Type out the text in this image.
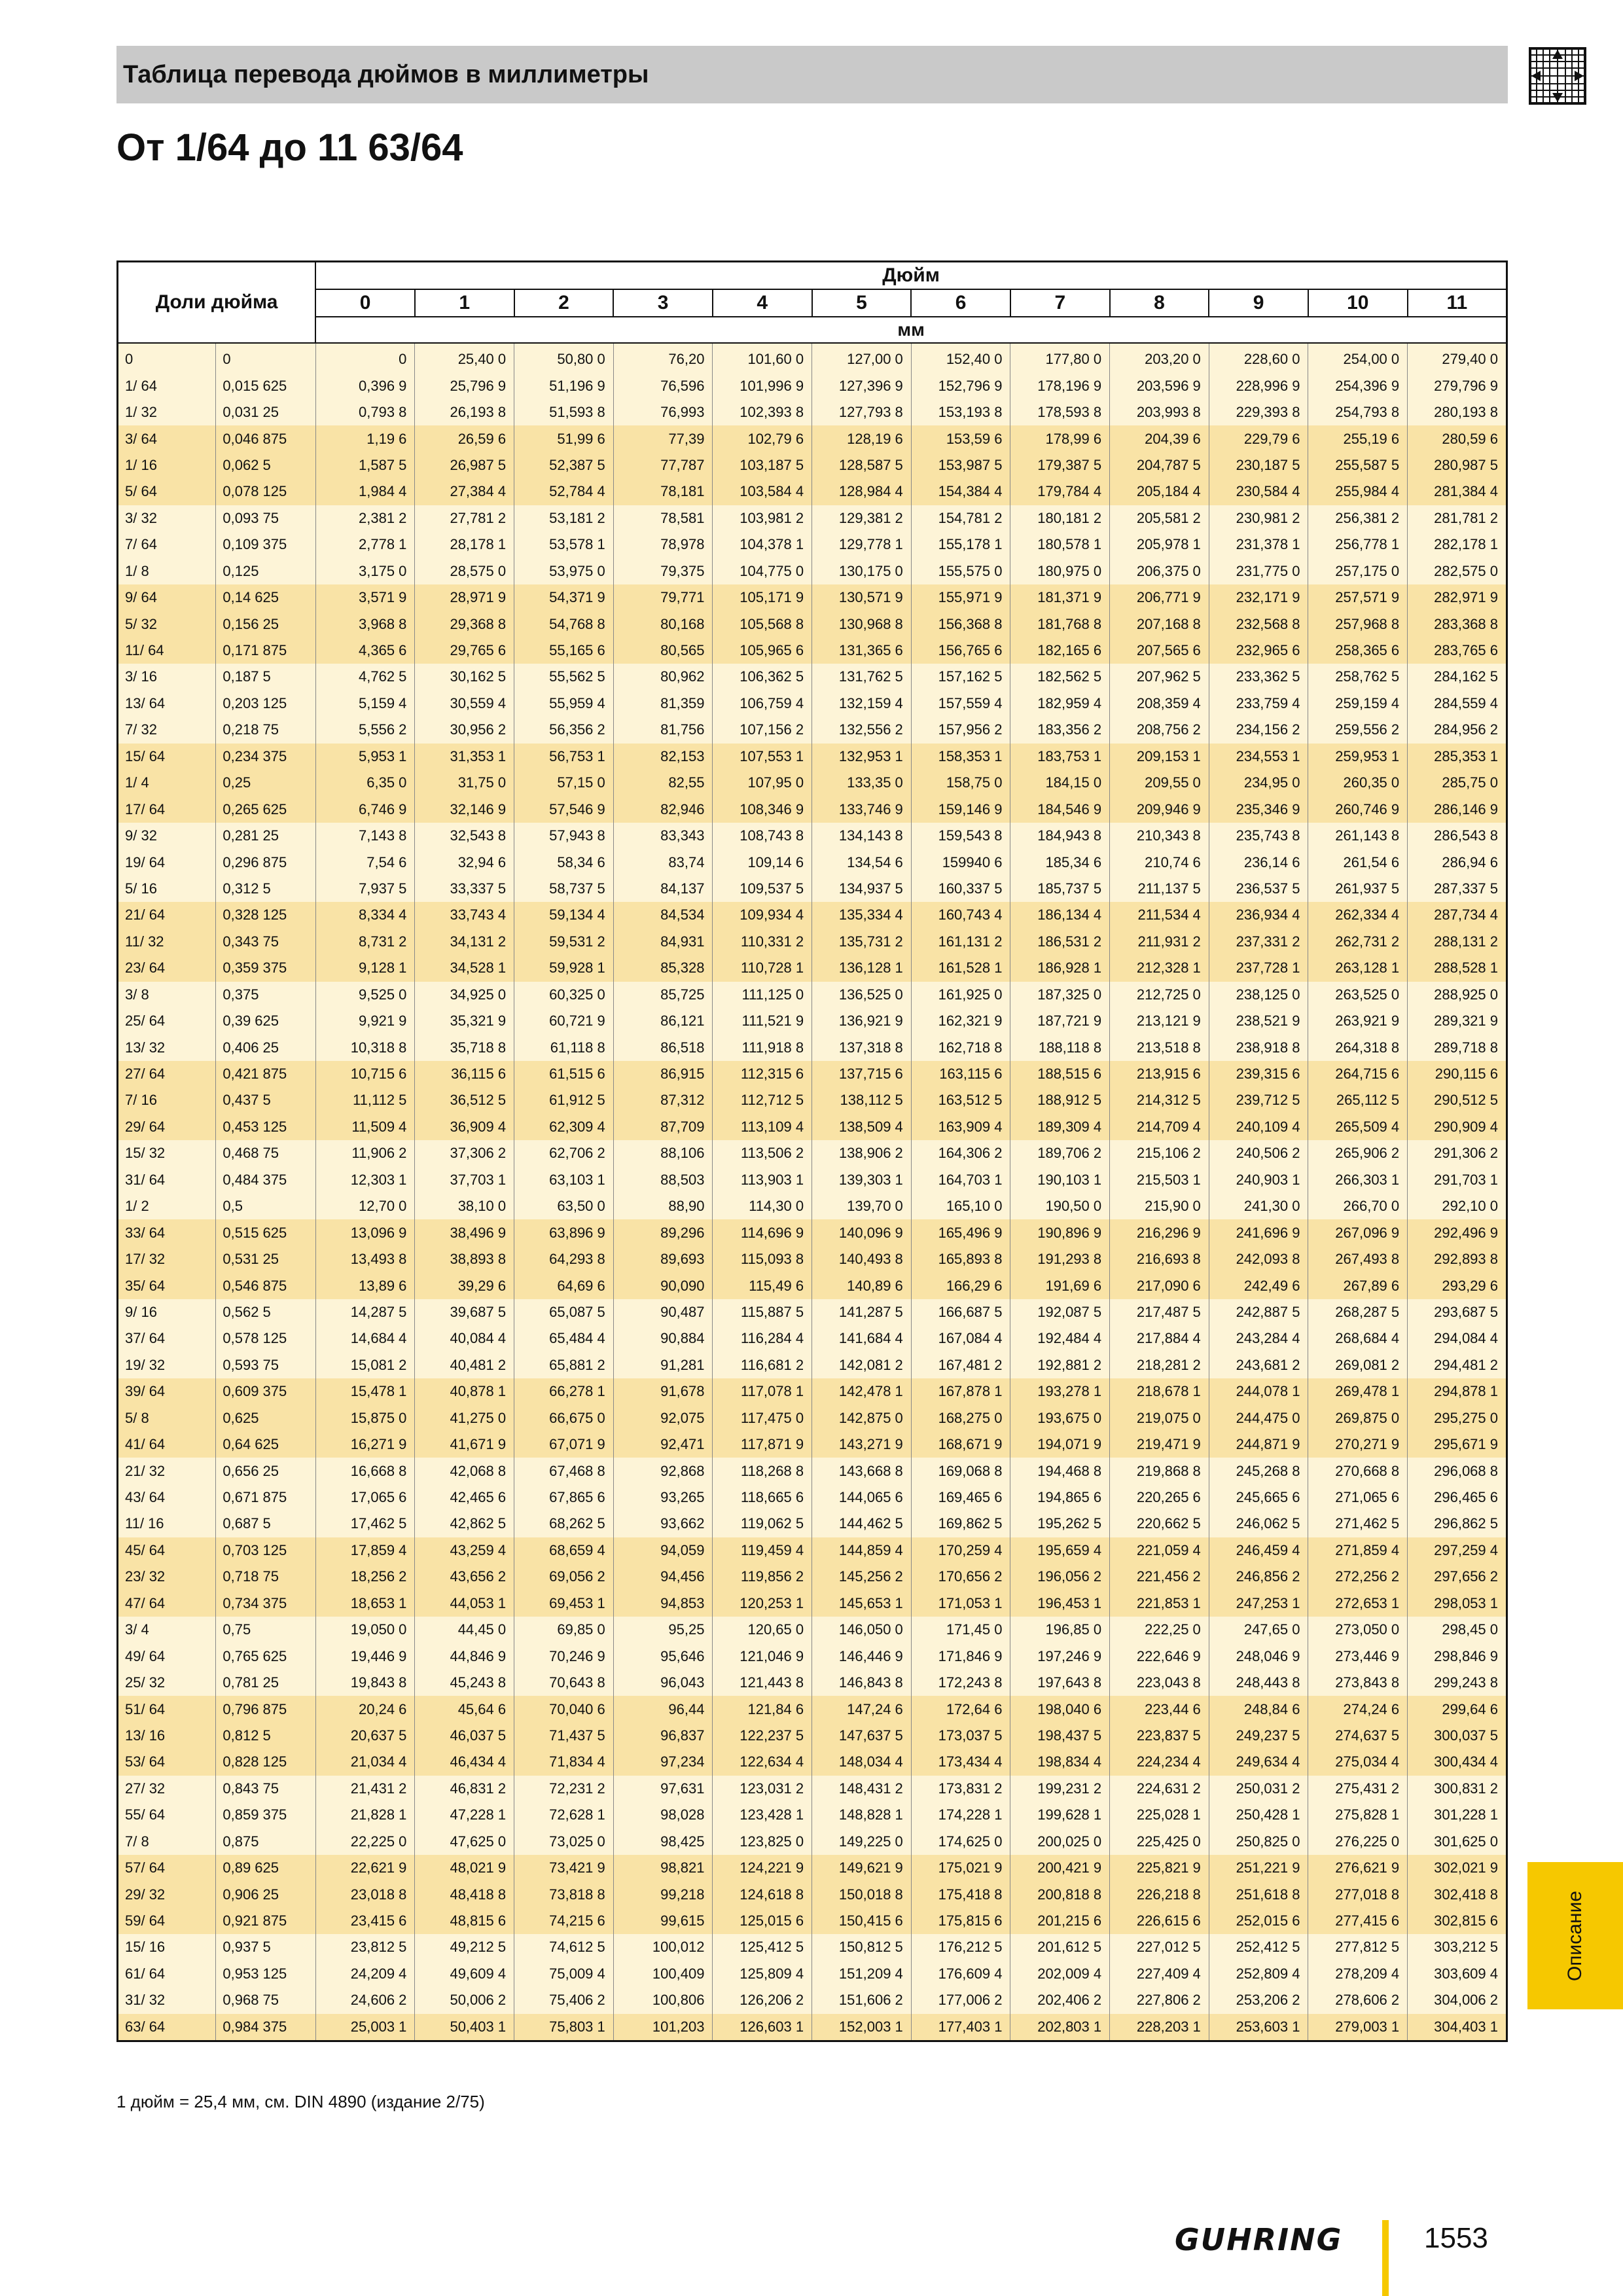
Таблица перевода дюймов в миллиметры
От 1/64 до 11 63/64
Доли дюйма		Дюйм											
		0	1	2	3	4	5	6	7	8	9	10	11
		мм											
0	0	0	25,40 0	50,80 0	76,20	101,60 0	127,00 0	152,40 0	177,80 0	203,20 0	228,60 0	254,00 0	279,40 0
1/ 64	0,015 625	0,396 9	25,796 9	51,196 9	76,596	101,996 9	127,396 9	152,796 9	178,196 9	203,596 9	228,996 9	254,396 9	279,796 9
1/ 32	0,031 25	0,793 8	26,193 8	51,593 8	76,993	102,393 8	127,793 8	153,193 8	178,593 8	203,993 8	229,393 8	254,793 8	280,193 8
3/ 64	0,046 875	1,19 6	26,59 6	51,99 6	77,39	102,79 6	128,19 6	153,59 6	178,99 6	204,39 6	229,79 6	255,19 6	280,59 6
1/ 16	0,062 5	1,587 5	26,987 5	52,387 5	77,787	103,187 5	128,587 5	153,987 5	179,387 5	204,787 5	230,187 5	255,587 5	280,987 5
5/ 64	0,078 125	1,984 4	27,384 4	52,784 4	78,181	103,584 4	128,984 4	154,384 4	179,784 4	205,184 4	230,584 4	255,984 4	281,384 4
3/ 32	0,093 75	2,381 2	27,781 2	53,181 2	78,581	103,981 2	129,381 2	154,781 2	180,181 2	205,581 2	230,981 2	256,381 2	281,781 2
7/ 64	0,109 375	2,778 1	28,178 1	53,578 1	78,978	104,378 1	129,778 1	155,178 1	180,578 1	205,978 1	231,378 1	256,778 1	282,178 1
1/ 8	0,125	3,175 0	28,575 0	53,975 0	79,375	104,775 0	130,175 0	155,575 0	180,975 0	206,375 0	231,775 0	257,175 0	282,575 0
9/ 64	0,14 625	3,571 9	28,971 9	54,371 9	79,771	105,171 9	130,571 9	155,971 9	181,371 9	206,771 9	232,171 9	257,571 9	282,971 9
5/ 32	0,156 25	3,968 8	29,368 8	54,768 8	80,168	105,568 8	130,968 8	156,368 8	181,768 8	207,168 8	232,568 8	257,968 8	283,368 8
11/ 64	0,171 875	4,365 6	29,765 6	55,165 6	80,565	105,965 6	131,365 6	156,765 6	182,165 6	207,565 6	232,965 6	258,365 6	283,765 6
3/ 16	0,187 5	4,762 5	30,162 5	55,562 5	80,962	106,362 5	131,762 5	157,162 5	182,562 5	207,962 5	233,362 5	258,762 5	284,162 5
13/ 64	0,203 125	5,159 4	30,559 4	55,959 4	81,359	106,759 4	132,159 4	157,559 4	182,959 4	208,359 4	233,759 4	259,159 4	284,559 4
7/ 32	0,218 75	5,556 2	30,956 2	56,356 2	81,756	107,156 2	132,556 2	157,956 2	183,356 2	208,756 2	234,156 2	259,556 2	284,956 2
15/ 64	0,234 375	5,953 1	31,353 1	56,753 1	82,153	107,553 1	132,953 1	158,353 1	183,753 1	209,153 1	234,553 1	259,953 1	285,353 1
1/ 4	0,25	6,35 0	31,75 0	57,15 0	82,55	107,95 0	133,35 0	158,75 0	184,15 0	209,55 0	234,95 0	260,35 0	285,75 0
17/ 64	0,265 625	6,746 9	32,146 9	57,546 9	82,946	108,346 9	133,746 9	159,146 9	184,546 9	209,946 9	235,346 9	260,746 9	286,146 9
9/ 32	0,281 25	7,143 8	32,543 8	57,943 8	83,343	108,743 8	134,143 8	159,543 8	184,943 8	210,343 8	235,743 8	261,143 8	286,543 8
19/ 64	0,296 875	7,54 6	32,94 6	58,34 6	83,74	109,14 6	134,54 6	159940 6	185,34 6	210,74 6	236,14 6	261,54 6	286,94 6
5/ 16	0,312 5	7,937 5	33,337 5	58,737 5	84,137	109,537 5	134,937 5	160,337 5	185,737 5	211,137 5	236,537 5	261,937 5	287,337 5
21/ 64	0,328 125	8,334 4	33,743 4	59,134 4	84,534	109,934 4	135,334 4	160,743 4	186,134 4	211,534 4	236,934 4	262,334 4	287,734 4
11/ 32	0,343 75	8,731 2	34,131 2	59,531 2	84,931	110,331 2	135,731 2	161,131 2	186,531 2	211,931 2	237,331 2	262,731 2	288,131 2
23/ 64	0,359 375	9,128 1	34,528 1	59,928 1	85,328	110,728 1	136,128 1	161,528 1	186,928 1	212,328 1	237,728 1	263,128 1	288,528 1
3/ 8	0,375	9,525 0	34,925 0	60,325 0	85,725	111,125 0	136,525 0	161,925 0	187,325 0	212,725 0	238,125 0	263,525 0	288,925 0
25/ 64	0,39 625	9,921 9	35,321 9	60,721 9	86,121	111,521 9	136,921 9	162,321 9	187,721 9	213,121 9	238,521 9	263,921 9	289,321 9
13/ 32	0,406 25	10,318 8	35,718 8	61,118 8	86,518	111,918 8	137,318 8	162,718 8	188,118 8	213,518 8	238,918 8	264,318 8	289,718 8
27/ 64	0,421 875	10,715 6	36,115 6	61,515 6	86,915	112,315 6	137,715 6	163,115 6	188,515 6	213,915 6	239,315 6	264,715 6	290,115 6
7/ 16	0,437 5	11,112 5	36,512 5	61,912 5	87,312	112,712 5	138,112 5	163,512 5	188,912 5	214,312 5	239,712 5	265,112 5	290,512 5
29/ 64	0,453 125	11,509 4	36,909 4	62,309 4	87,709	113,109 4	138,509 4	163,909 4	189,309 4	214,709 4	240,109 4	265,509 4	290,909 4
15/ 32	0,468 75	11,906 2	37,306 2	62,706 2	88,106	113,506 2	138,906 2	164,306 2	189,706 2	215,106 2	240,506 2	265,906 2	291,306 2
31/ 64	0,484 375	12,303 1	37,703 1	63,103 1	88,503	113,903 1	139,303 1	164,703 1	190,103 1	215,503 1	240,903 1	266,303 1	291,703 1
1/ 2	0,5	12,70 0	38,10 0	63,50 0	88,90	114,30 0	139,70 0	165,10 0	190,50 0	215,90 0	241,30 0	266,70 0	292,10 0
33/ 64	0,515 625	13,096 9	38,496 9	63,896 9	89,296	114,696 9	140,096 9	165,496 9	190,896 9	216,296 9	241,696 9	267,096 9	292,496 9
17/ 32	0,531 25	13,493 8	38,893 8	64,293 8	89,693	115,093 8	140,493 8	165,893 8	191,293 8	216,693 8	242,093 8	267,493 8	292,893 8
35/ 64	0,546 875	13,89 6	39,29 6	64,69 6	90,090	115,49 6	140,89 6	166,29 6	191,69 6	217,090 6	242,49 6	267,89 6	293,29 6
9/ 16	0,562 5	14,287 5	39,687 5	65,087 5	90,487	115,887 5	141,287 5	166,687 5	192,087 5	217,487 5	242,887 5	268,287 5	293,687 5
37/ 64	0,578 125	14,684 4	40,084 4	65,484 4	90,884	116,284 4	141,684 4	167,084 4	192,484 4	217,884 4	243,284 4	268,684 4	294,084 4
19/ 32	0,593 75	15,081 2	40,481 2	65,881 2	91,281	116,681 2	142,081 2	167,481 2	192,881 2	218,281 2	243,681 2	269,081 2	294,481 2
39/ 64	0,609 375	15,478 1	40,878 1	66,278 1	91,678	117,078 1	142,478 1	167,878 1	193,278 1	218,678 1	244,078 1	269,478 1	294,878 1
5/ 8	0,625	15,875 0	41,275 0	66,675 0	92,075	117,475 0	142,875 0	168,275 0	193,675 0	219,075 0	244,475 0	269,875 0	295,275 0
41/ 64	0,64 625	16,271 9	41,671 9	67,071 9	92,471	117,871 9	143,271 9	168,671 9	194,071 9	219,471 9	244,871 9	270,271 9	295,671 9
21/ 32	0,656 25	16,668 8	42,068 8	67,468 8	92,868	118,268 8	143,668 8	169,068 8	194,468 8	219,868 8	245,268 8	270,668 8	296,068 8
43/ 64	0,671 875	17,065 6	42,465 6	67,865 6	93,265	118,665 6	144,065 6	169,465 6	194,865 6	220,265 6	245,665 6	271,065 6	296,465 6
11/ 16	0,687 5	17,462 5	42,862 5	68,262 5	93,662	119,062 5	144,462 5	169,862 5	195,262 5	220,662 5	246,062 5	271,462 5	296,862 5
45/ 64	0,703 125	17,859 4	43,259 4	68,659 4	94,059	119,459 4	144,859 4	170,259 4	195,659 4	221,059 4	246,459 4	271,859 4	297,259 4
23/ 32	0,718 75	18,256 2	43,656 2	69,056 2	94,456	119,856 2	145,256 2	170,656 2	196,056 2	221,456 2	246,856 2	272,256 2	297,656 2
47/ 64	0,734 375	18,653 1	44,053 1	69,453 1	94,853	120,253 1	145,653 1	171,053 1	196,453 1	221,853 1	247,253 1	272,653 1	298,053 1
3/ 4	0,75	19,050 0	44,45 0	69,85 0	95,25	120,65 0	146,050 0	171,45 0	196,85 0	222,25 0	247,65 0	273,050 0	298,45 0
49/ 64	0,765 625	19,446 9	44,846 9	70,246 9	95,646	121,046 9	146,446 9	171,846 9	197,246 9	222,646 9	248,046 9	273,446 9	298,846 9
25/ 32	0,781 25	19,843 8	45,243 8	70,643 8	96,043	121,443 8	146,843 8	172,243 8	197,643 8	223,043 8	248,443 8	273,843 8	299,243 8
51/ 64	0,796 875	20,24 6	45,64 6	70,040 6	96,44	121,84 6	147,24 6	172,64 6	198,040 6	223,44 6	248,84 6	274,24 6	299,64 6
13/ 16	0,812 5	20,637 5	46,037 5	71,437 5	96,837	122,237 5	147,637 5	173,037 5	198,437 5	223,837 5	249,237 5	274,637 5	300,037 5
53/ 64	0,828 125	21,034 4	46,434 4	71,834 4	97,234	122,634 4	148,034 4	173,434 4	198,834 4	224,234 4	249,634 4	275,034 4	300,434 4
27/ 32	0,843 75	21,431 2	46,831 2	72,231 2	97,631	123,031 2	148,431 2	173,831 2	199,231 2	224,631 2	250,031 2	275,431 2	300,831 2
55/ 64	0,859 375	21,828 1	47,228 1	72,628 1	98,028	123,428 1	148,828 1	174,228 1	199,628 1	225,028 1	250,428 1	275,828 1	301,228 1
7/ 8	0,875	22,225 0	47,625 0	73,025 0	98,425	123,825 0	149,225 0	174,625 0	200,025 0	225,425 0	250,825 0	276,225 0	301,625 0
57/ 64	0,89 625	22,621 9	48,021 9	73,421 9	98,821	124,221 9	149,621 9	175,021 9	200,421 9	225,821 9	251,221 9	276,621 9	302,021 9
29/ 32	0,906 25	23,018 8	48,418 8	73,818 8	99,218	124,618 8	150,018 8	175,418 8	200,818 8	226,218 8	251,618 8	277,018 8	302,418 8
59/ 64	0,921 875	23,415 6	48,815 6	74,215 6	99,615	125,015 6	150,415 6	175,815 6	201,215 6	226,615 6	252,015 6	277,415 6	302,815 6
15/ 16	0,937 5	23,812 5	49,212 5	74,612 5	100,012	125,412 5	150,812 5	176,212 5	201,612 5	227,012 5	252,412 5	277,812 5	303,212 5
61/ 64	0,953 125	24,209 4	49,609 4	75,009 4	100,409	125,809 4	151,209 4	176,609 4	202,009 4	227,409 4	252,809 4	278,209 4	303,609 4
31/ 32	0,968 75	24,606 2	50,006 2	75,406 2	100,806	126,206 2	151,606 2	177,006 2	202,406 2	227,806 2	253,206 2	278,606 2	304,006 2
63/ 64	0,984 375	25,003 1	50,403 1	75,803 1	101,203	126,603 1	152,003 1	177,403 1	202,803 1	228,203 1	253,603 1	279,003 1	304,403 1
1 дюйм = 25,4 мм, см. DIN 4890 (издание 2/75)
Описание
GUHRING	1553
